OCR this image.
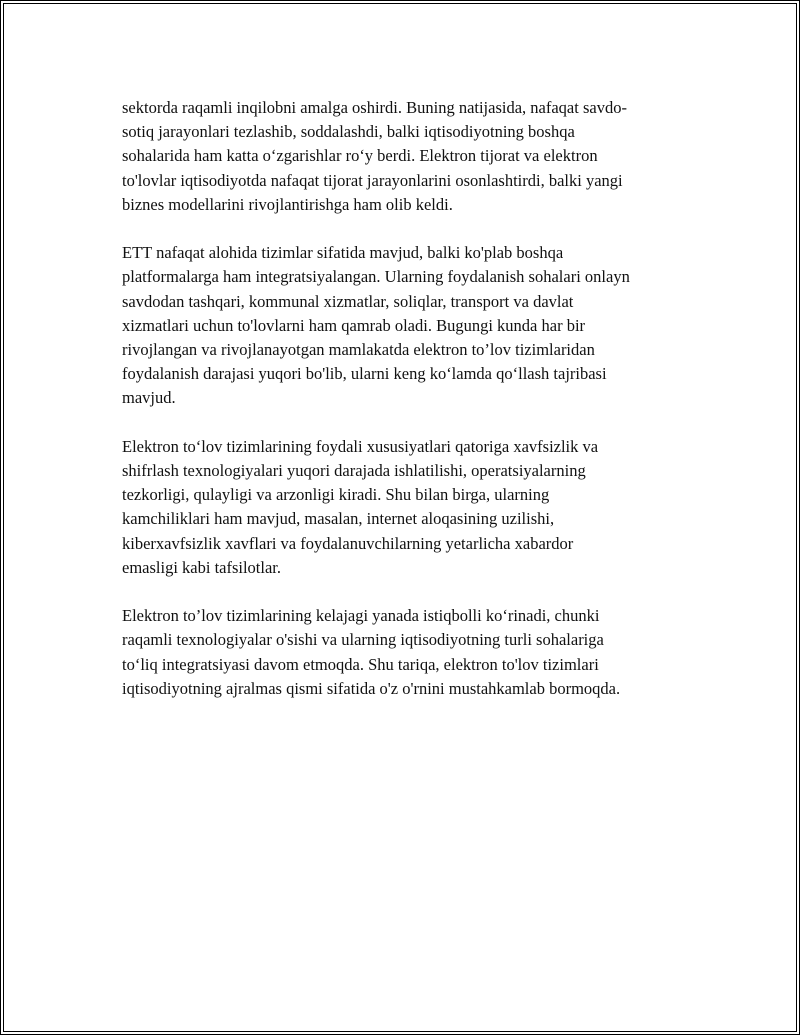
sektorda raqamli inqilobni amalga oshirdi. Buning natijasida, nafaqat savdo-
sotiq jarayonlari tezlashib, soddalashdi, balki iqtisodiyotning boshqa
sohalarida ham katta o‘zgarishlar ro‘y berdi. Elektron tijorat va elektron
to'lovlar iqtisodiyotda nafaqat tijorat jarayonlarini osonlashtirdi, balki yangi
biznes modellarini rivojlantirishga ham olib keldi.

ETT nafaqat alohida tizimlar sifatida mavjud, balki ko'plab boshqa
platformalarga ham integratsiyalangan. Ularning foydalanish sohalari onlayn
savdodan tashqari, kommunal xizmatlar, soliqlar, transport va davlat
xizmatlari uchun to'lovlarni ham qamrab oladi. Bugungi kunda har bir
rivojlangan va rivojlanayotgan mamlakatda elektron to’lov tizimlaridan
foydalanish darajasi yuqori bo'lib, ularni keng ko‘lamda qo‘llash tajribasi
mavjud.

Elektron to‘lov tizimlarining foydali xususiyatlari qatoriga xavfsizlik va
shifrlash texnologiyalari yuqori darajada ishlatilishi, operatsiyalarning
tezkorligi, qulayligi va arzonligi kiradi. Shu bilan birga, ularning
kamchiliklari ham mavjud, masalan, internet aloqasining uzilishi,
kiberxavfsizlik xavflari va foydalanuvchilarning yetarlicha xabardor
emasligi kabi tafsilotlar.

Elektron to’lov tizimlarining kelajagi yanada istiqbolli ko‘rinadi, chunki
raqamli texnologiyalar o'sishi va ularning iqtisodiyotning turli sohalariga
to‘liq integratsiyasi davom etmoqda. Shu tariqa, elektron to'lov tizimlari
iqtisodiyotning ajralmas qismi sifatida o'z o'rnini mustahkamlab bormoqda.
